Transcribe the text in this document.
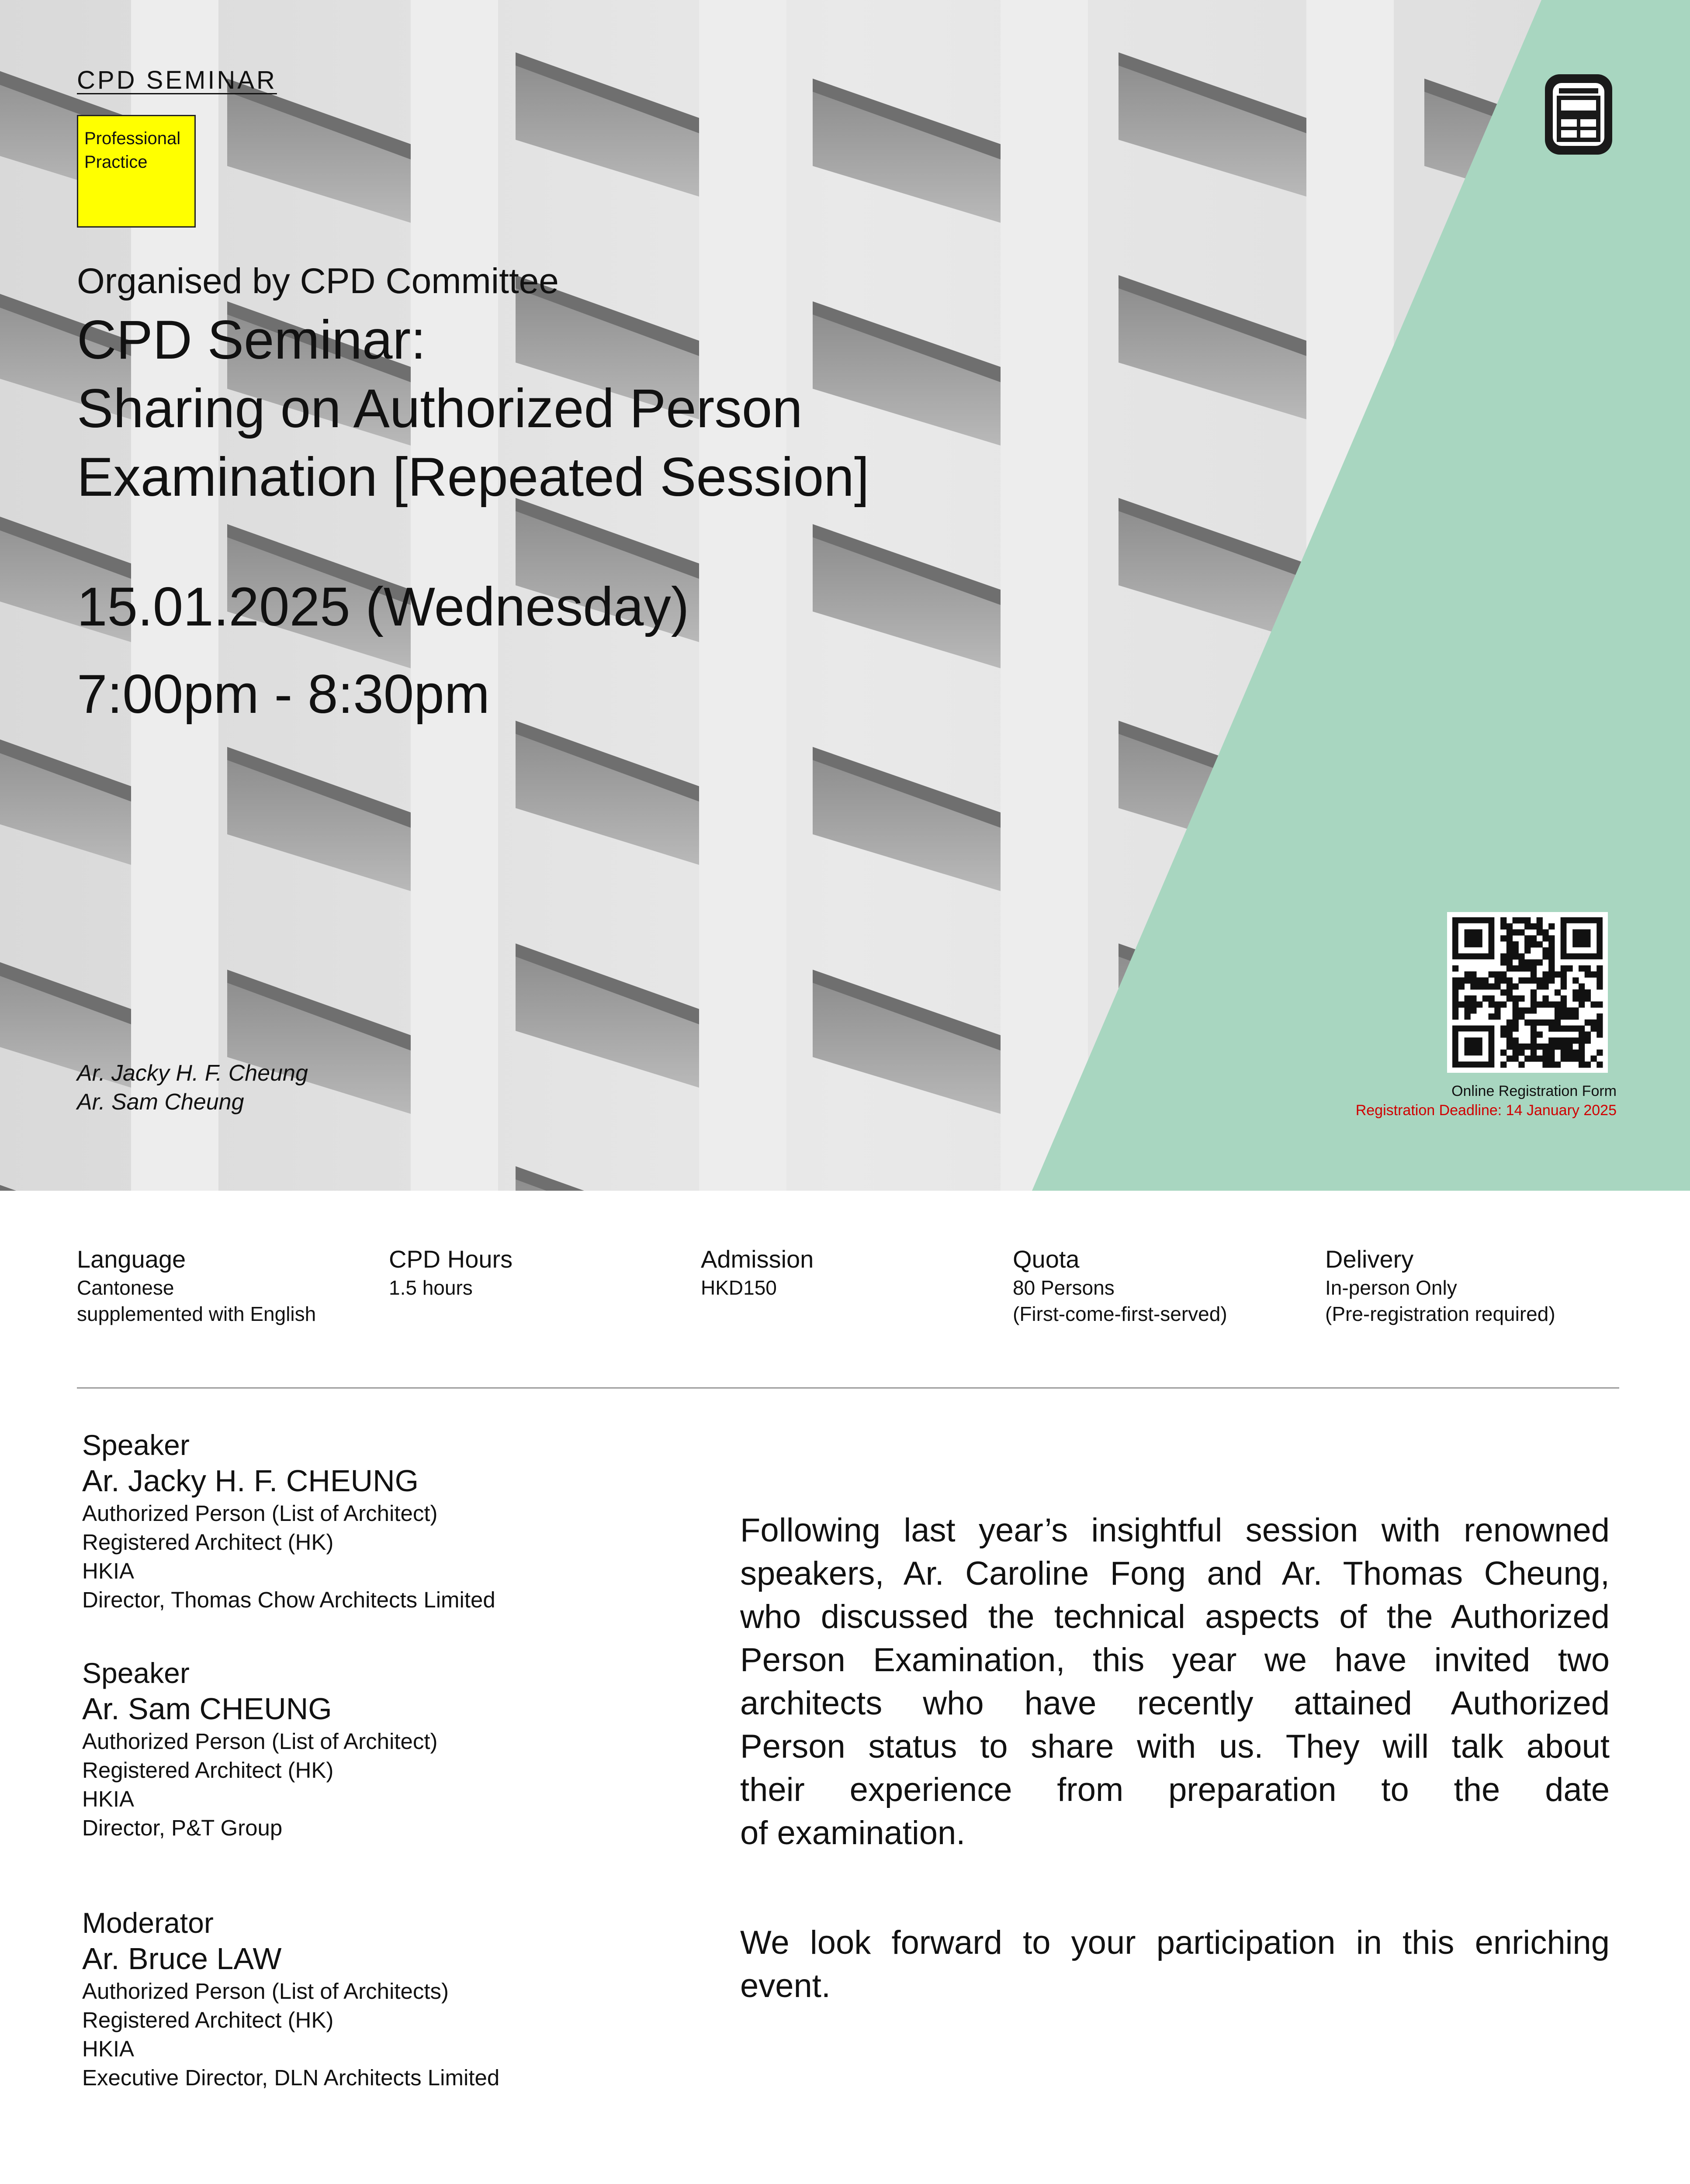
CPD SEMINAR
Professional
Practice
Organised by CPD Committee
CPD Seminar:
Sharing on Authorized Person
Examination [Repeated Session]
15.01.2025 (Wednesday)
7:00pm - 8:30pm
Ar. Jacky H. F. Cheung
Ar. Sam Cheung	Online Registration Form
Registration Deadline: 14 January 2025
Language
Cantonese
supplemented with English
CPD Hours
1.5 hours
Admission
HKD150
Quota
80 Persons
(First-come-first-served)
Delivery
In-person Only
(Pre-registration required)
Speaker
Ar. Jacky H. F. CHEUNG
Authorized Person (List of Architect)
Registered Architect (HK)
HKIA
Director, Thomas Chow Architects Limited
Speaker
Ar. Sam CHEUNG
Authorized Person (List of Architect)
Registered Architect (HK)
HKIA
Director, P&T Group
Moderator
Ar. Bruce LAW
Authorized Person (List of Architects)
Registered Architect (HK)
HKIA
Executive Director, DLN Architects Limited
Following last year’s insightful session with renowned
speakers, Ar. Caroline Fong and Ar. Thomas Cheung,
who discussed the technical aspects of the Authorized
Person Examination, this year we have invited two
architects who have recently attained Authorized
Person status to share with us. They will talk about
their experience from preparation to the date
of examination.
We look forward to your participation in this enriching
event.
